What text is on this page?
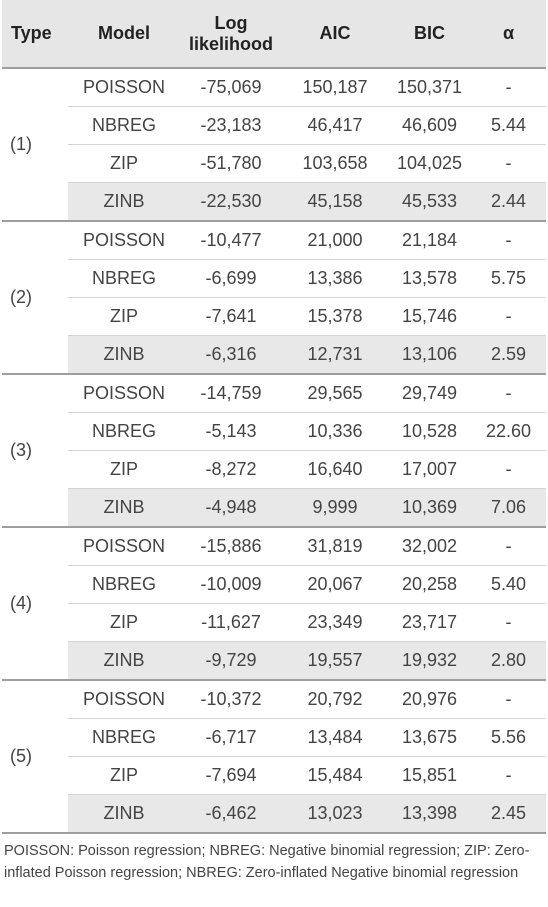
Type	Model	Log
likelihood	AIC	BIC	α
(1)	POISSON	-75,069	150,187	150,371	-
	NBREG	-23,183	46,417	46,609	5.44
	ZIP	-51,780	103,658	104,025	-
	ZINB	-22,530	45,158	45,533	2.44
(2)	POISSON	-10,477	21,000	21,184	-
	NBREG	-6,699	13,386	13,578	5.75
	ZIP	-7,641	15,378	15,746	-
	ZINB	-6,316	12,731	13,106	2.59
(3)	POISSON	-14,759	29,565	29,749	-
	NBREG	-5,143	10,336	10,528	22.60
	ZIP	-8,272	16,640	17,007	-
	ZINB	-4,948	9,999	10,369	7.06
(4)	POISSON	-15,886	31,819	32,002	-
	NBREG	-10,009	20,067	20,258	5.40
	ZIP	-11,627	23,349	23,717	-
	ZINB	-9,729	19,557	19,932	2.80
(5)	POISSON	-10,372	20,792	20,976	-
	NBREG	-6,717	13,484	13,675	5.56
	ZIP	-7,694	15,484	15,851	-
	ZINB	-6,462	13,023	13,398	2.45
POISSON: Poisson regression; NBREG: Negative binomial regression; ZIP: Zero-inflated Poisson regression; NBREG: Zero-inflated Negative binomial regression
